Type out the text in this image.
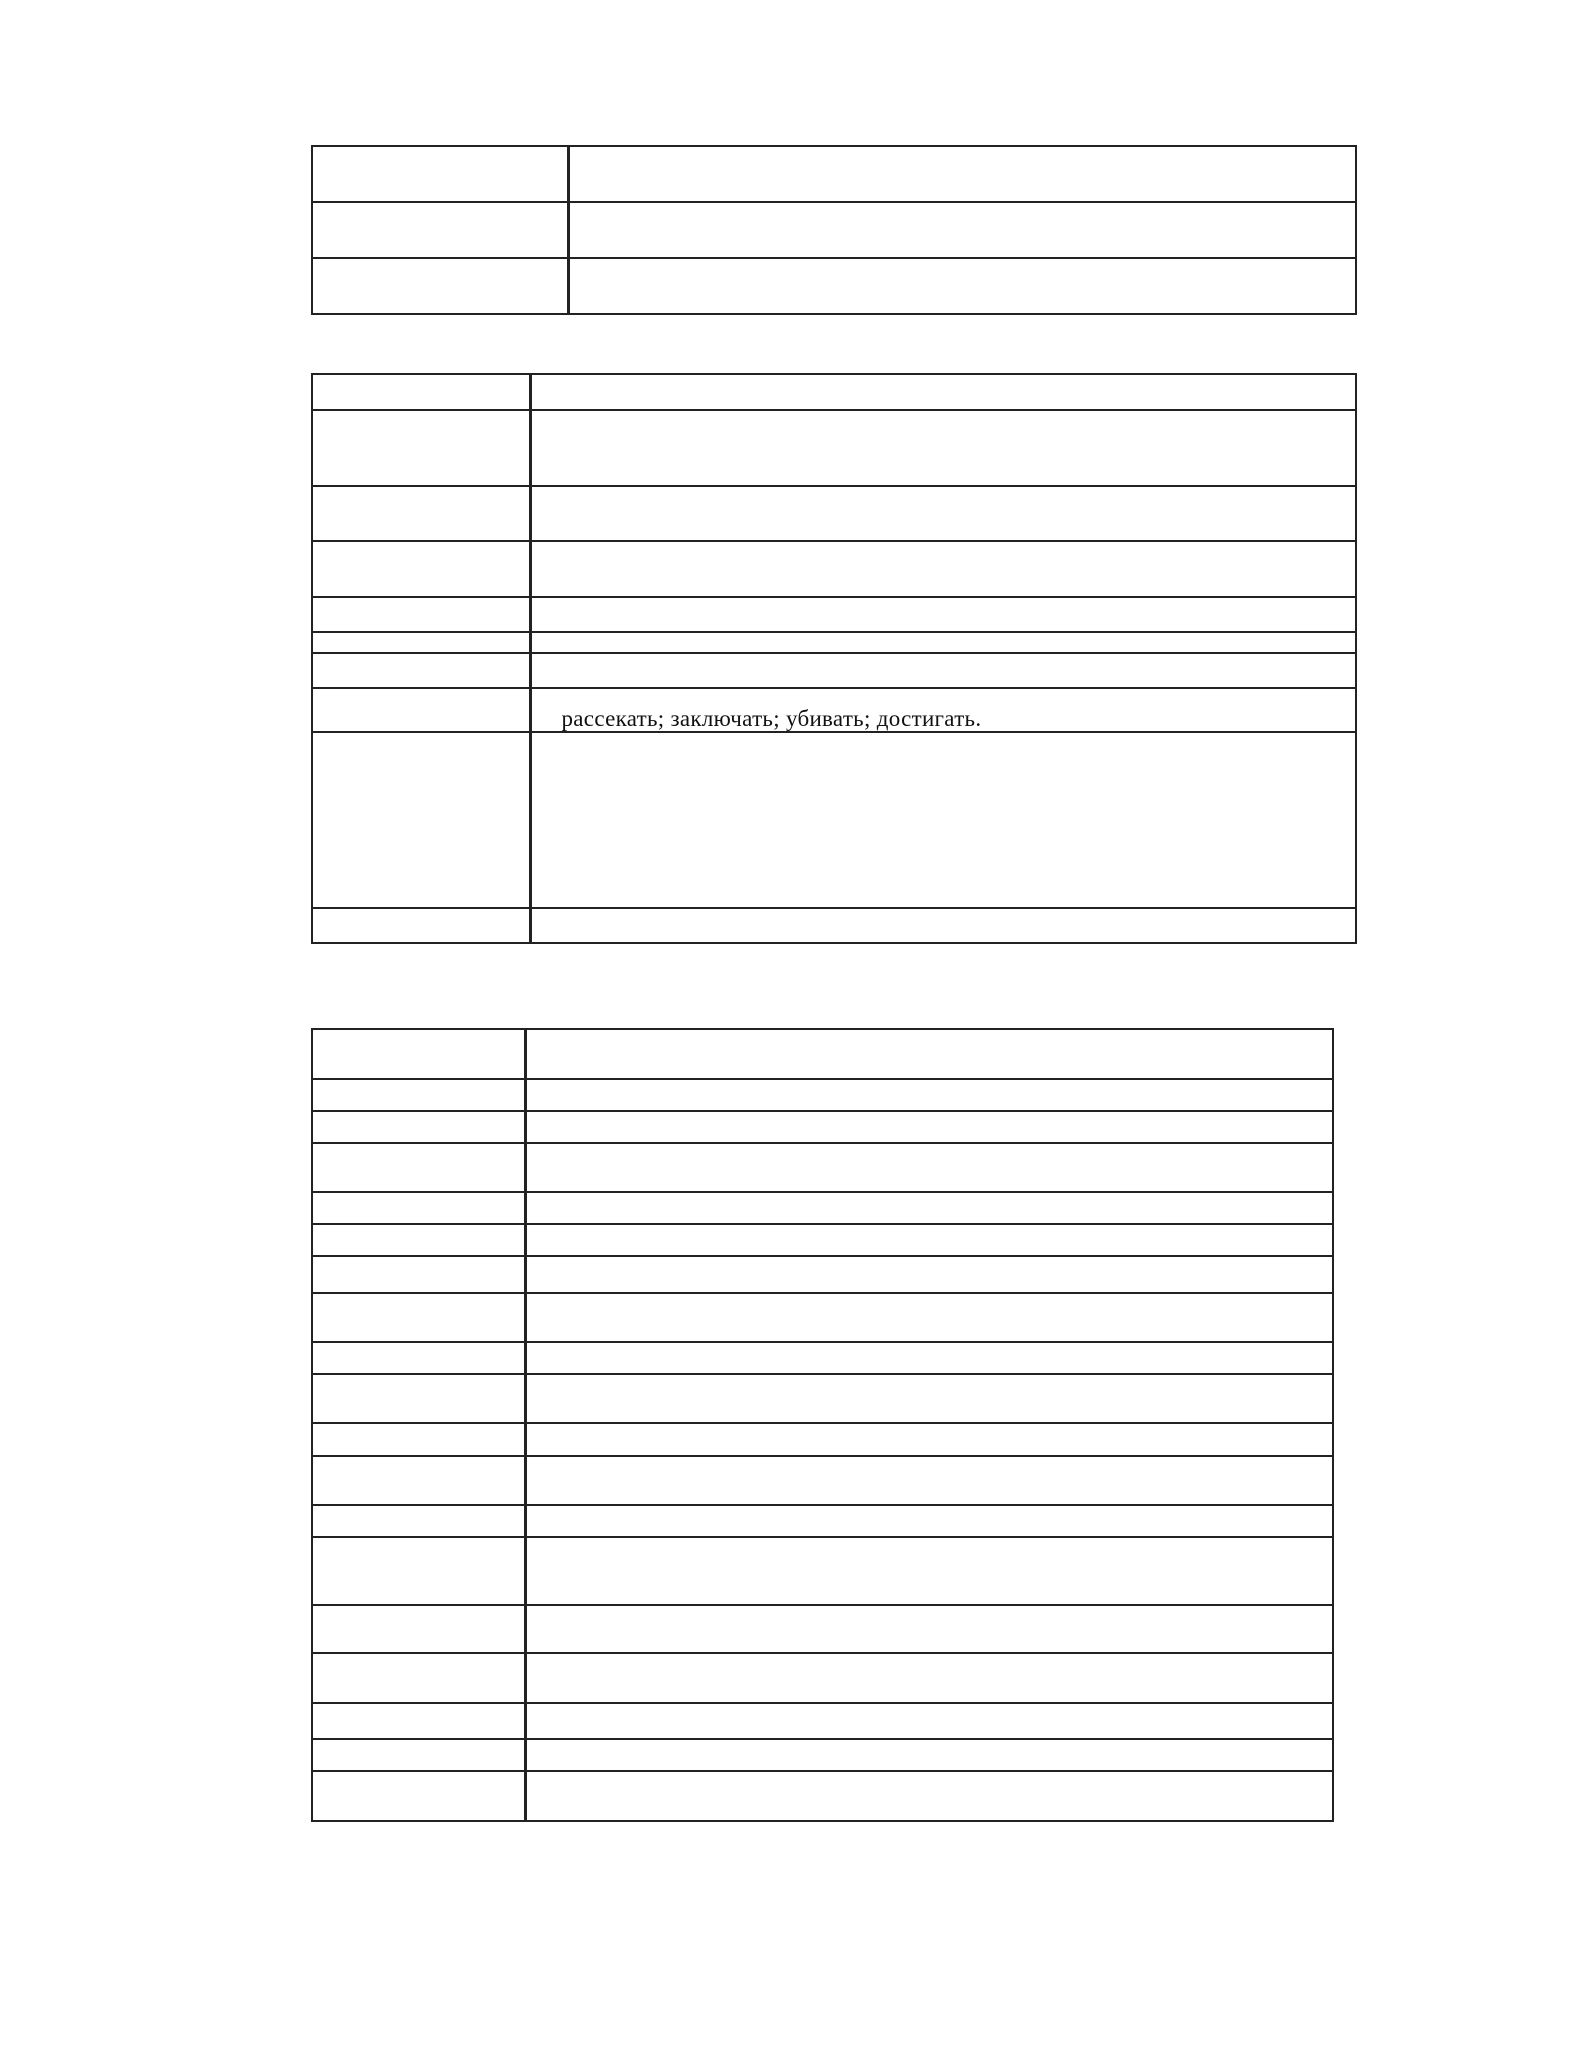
	рассекать; заключать; убивать; достигать.
